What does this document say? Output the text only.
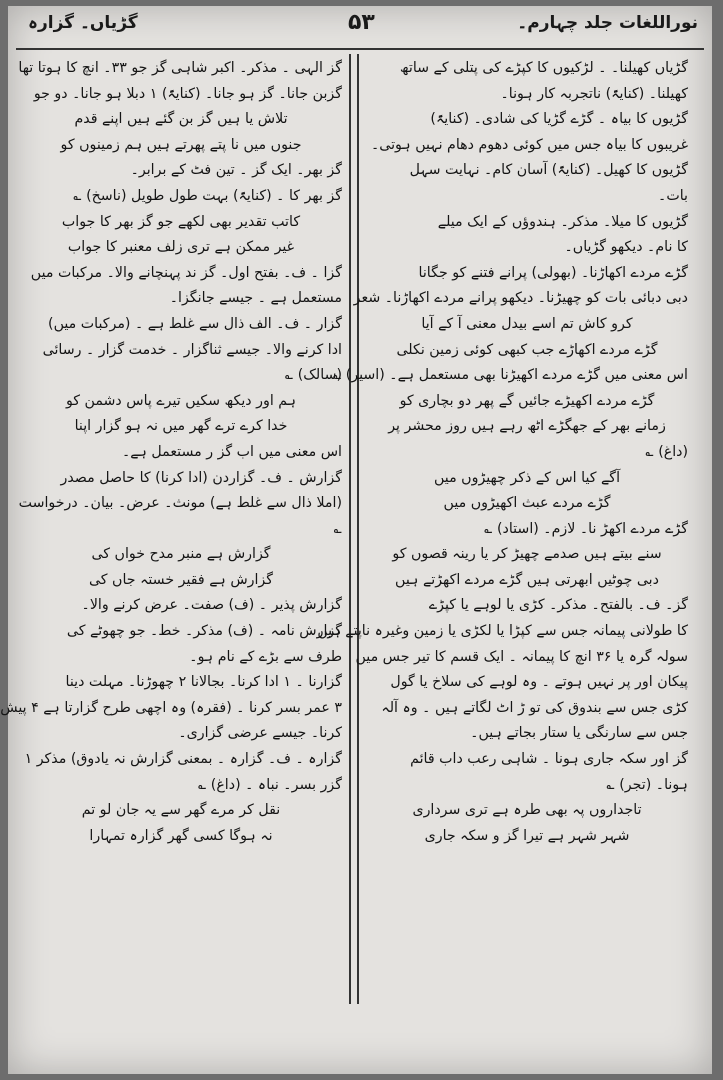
نوراللغات جلد چہارم۔
۵۳
گڑیاں۔ گزارہ
گڑیاں کھیلنا۔ ۔ لڑکیوں کا کپڑے کی پتلی کے ساتھ
کھیلنا۔ (کنایۃً) ناتجربہ کار ہونا۔
گڑیوں کا بیاہ ۔ گڑے گڑیا کی شادی۔ (کنایۃً)
غریبوں کا بیاہ جس میں کوئی دھوم دھام نہیں ہوتی۔
گڑیوں کا کھیل۔ (کنایۃً) آسان کام۔ نہایت سہل
بات۔
گڑیوں کا میلا۔ مذکر۔ ہندوؤں کے ایک میلے
کا نام۔ دیکھو گڑیاں۔
گڑے مردے اکھاڑنا۔ (بھولی) پرانے فتنے کو جگانا
دبی دبائی بات کو چھیڑنا۔ دیکھو پرانے مردے اکھاڑنا۔ شعر
کرو کاش تم اسے بیدل معنی آ کے آیا
گڑے مردے اکھاڑے جب کبھی کوئی زمین نکلی
اس معنی میں گڑے مردے اکھیڑنا بھی مستعمل ہے۔ (اسیر) ؎
گڑے مردے اکھیڑے جائیں گے پھر دو بچاری کو
زمانے بھر کے جھگڑے اٹھ رہے ہیں روز محشر پر
(داغ) ؎
آگے کیا اس کے ذکر چھیڑوں میں
گڑے مردے عبث اکھیڑوں میں
گڑے مردے اکھڑ نا۔ لازم۔ (استاد) ؎
سنے بیتے ہیں صدمے چھیڑ کر یا رینہ قصوں کو
دبی چوٹیں ابھرتی ہیں گڑے مردے اکھڑتے ہیں
گز۔ ف۔ بالفتح۔ مذکر۔ کڑی یا لوہے یا کپڑے
کا طولانی پیمانہ جس سے کپڑا یا لکڑی یا زمین وغیرہ ناپتے ہیں
سولہ گرہ یا ۳۶ انچ کا پیمانہ ۔ ایک قسم کا تیر جس میں
پیکان اور پر نہیں ہوتے ۔ وہ لوہے کی سلاخ یا گول
کڑی جس سے بندوق کی تو ڑ اٹ لگاتے ہیں ۔ وہ آلہ
جس سے سارنگی یا ستار بجاتے ہیں۔
گز اور سکہ جاری ہونا ۔ شاہی رعب داب قائم
ہونا۔ (تجر) ؎
تاجداروں پہ بھی طرہ ہے تری سرداری
شہر شہر ہے تیرا گز و سکہ جاری
گز الہی ۔ مذکر۔ اکبر شاہی گز جو ۳۳۔ انچ کا ہوتا تھا
گزبن جانا۔ گز ہو جانا۔ (کنایۃً) ۱ دبلا ہو جانا۔ دو جو
تلاش یا ہیں گز بن گئے ہیں اپنے قدم
جنوں میں نا پتے پھرتے ہیں ہم زمینوں کو
گز بھر۔ ایک گز ۔ تین فٹ کے برابر۔
گز بھر کا ۔ (کنایۃً) بہت طول طویل (ناسخ) ؎
کاتب تقدیر بھی لکھے جو گز بھر کا جواب
غیر ممکن ہے تری زلف معنبر کا جواب
گزا ۔ ف۔ بفتح اول۔ گز ند پہنچانے والا۔ مرکبات میں
مستعمل ہے ۔ جیسے جانگزا۔
گزار ۔ ف۔ الف ذال سے غلط ہے ۔ (مرکبات میں)
ادا کرنے والا۔ جیسے ثناگزار ۔ خدمت گزار ۔ رسائی
(سالک) ؎
ہم اور دیکھ سکیں تیرے پاس دشمن کو
خدا کرے ترے گھر میں نہ ہو گزار اپنا
اس معنی میں اب گز ر مستعمل ہے۔
گزارش ۔ ف۔ گزاردن (ادا کرنا) کا حاصل مصدر
(املا ذال سے غلط ہے) مونث۔ عرض۔ بیان۔ درخواست
؎
گزارش ہے منبر مدح خواں کی
گزارش ہے فقیر خستہ جاں کی
گزارش پذیر ۔ (ف) صفت۔ عرض کرنے والا۔
گزارش نامہ ۔ (ف) مذکر۔ خط۔ جو چھوٹے کی
طرف سے بڑے کے نام ہو۔
گزارنا ۔ ۱ ادا کرنا۔ بجالانا ۲ چھوڑنا۔ مہلت دینا
۳ عمر بسر کرنا ۔ (فقرہ) وہ اچھی طرح گزارتا ہے ۴ پیش
کرنا۔ جیسے عرضی گزاری۔
گزارہ ۔ ف۔ گزارہ ۔ بمعنی گزارش نہ یادوق) مذکر ۱
گزر بسر۔ نباہ ۔ (داغ) ؎
نقل کر مرے گھر سے یہ جان لو تم
نہ ہوگا کسی گھر گزارہ تمہارا
